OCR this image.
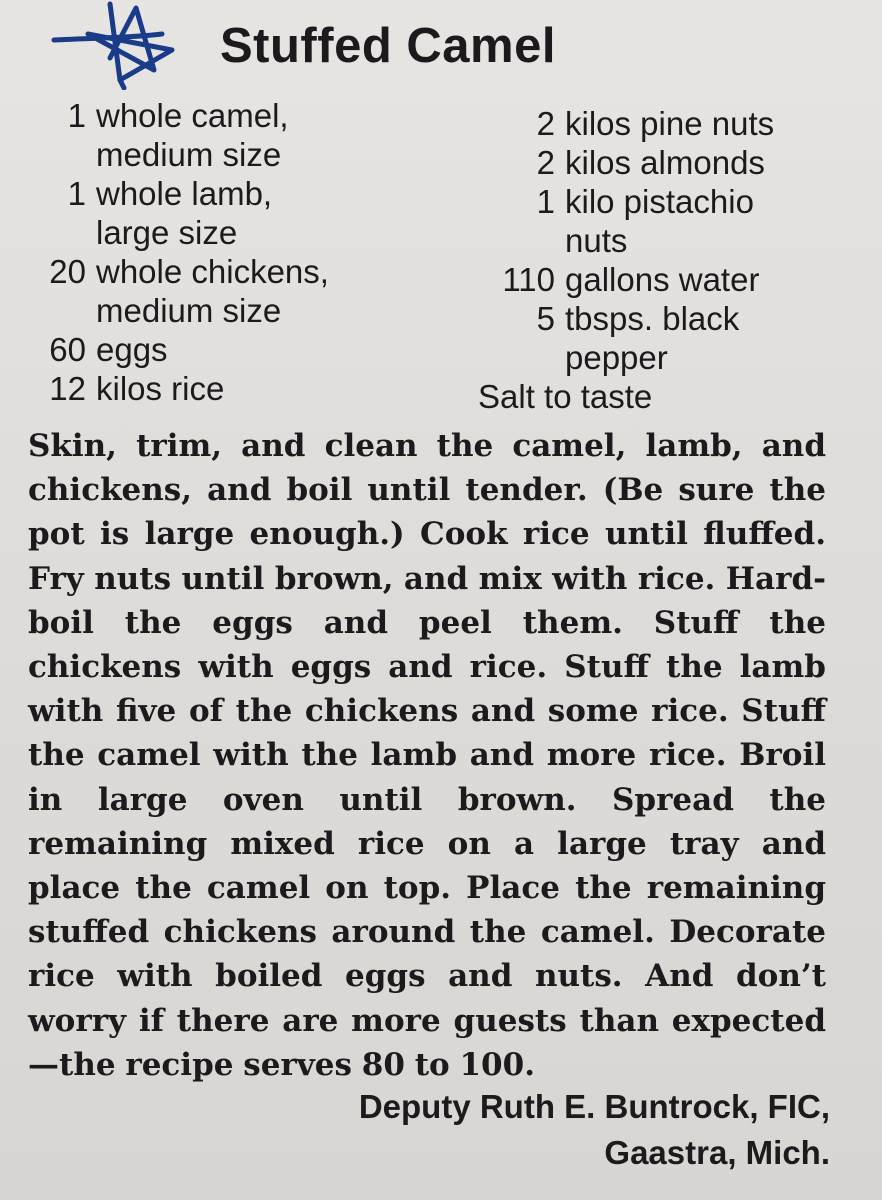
Stuffed Camel
1 whole camel,
medium size
1 whole lamb,
large size
20 whole chickens,
medium size
60 eggs
12 kilos rice
2 kilos pine nuts
2 kilos almonds
1 kilo pistachio
nuts
110 gallons water
5 tbsps. black
pepper
Salt to taste

Skin, trim, and clean the camel, lamb, and chickens, and boil until tender. (Be sure the pot is large enough.) Cook rice until fluffed. Fry nuts until brown, and mix with rice. Hard-boil the eggs and peel them. Stuff the chickens with eggs and rice. Stuff the lamb with five of the chickens and some rice. Stuff the camel with the lamb and more rice. Broil in large oven until brown. Spread the remaining mixed rice on a large tray and place the camel on top. Place the remaining stuffed chickens around the camel. Decorate rice with boiled eggs and nuts. And don’t worry if there are more guests than expected—the recipe serves 80 to 100.

Deputy Ruth E. Buntrock, FIC,
Gaastra, Mich.
